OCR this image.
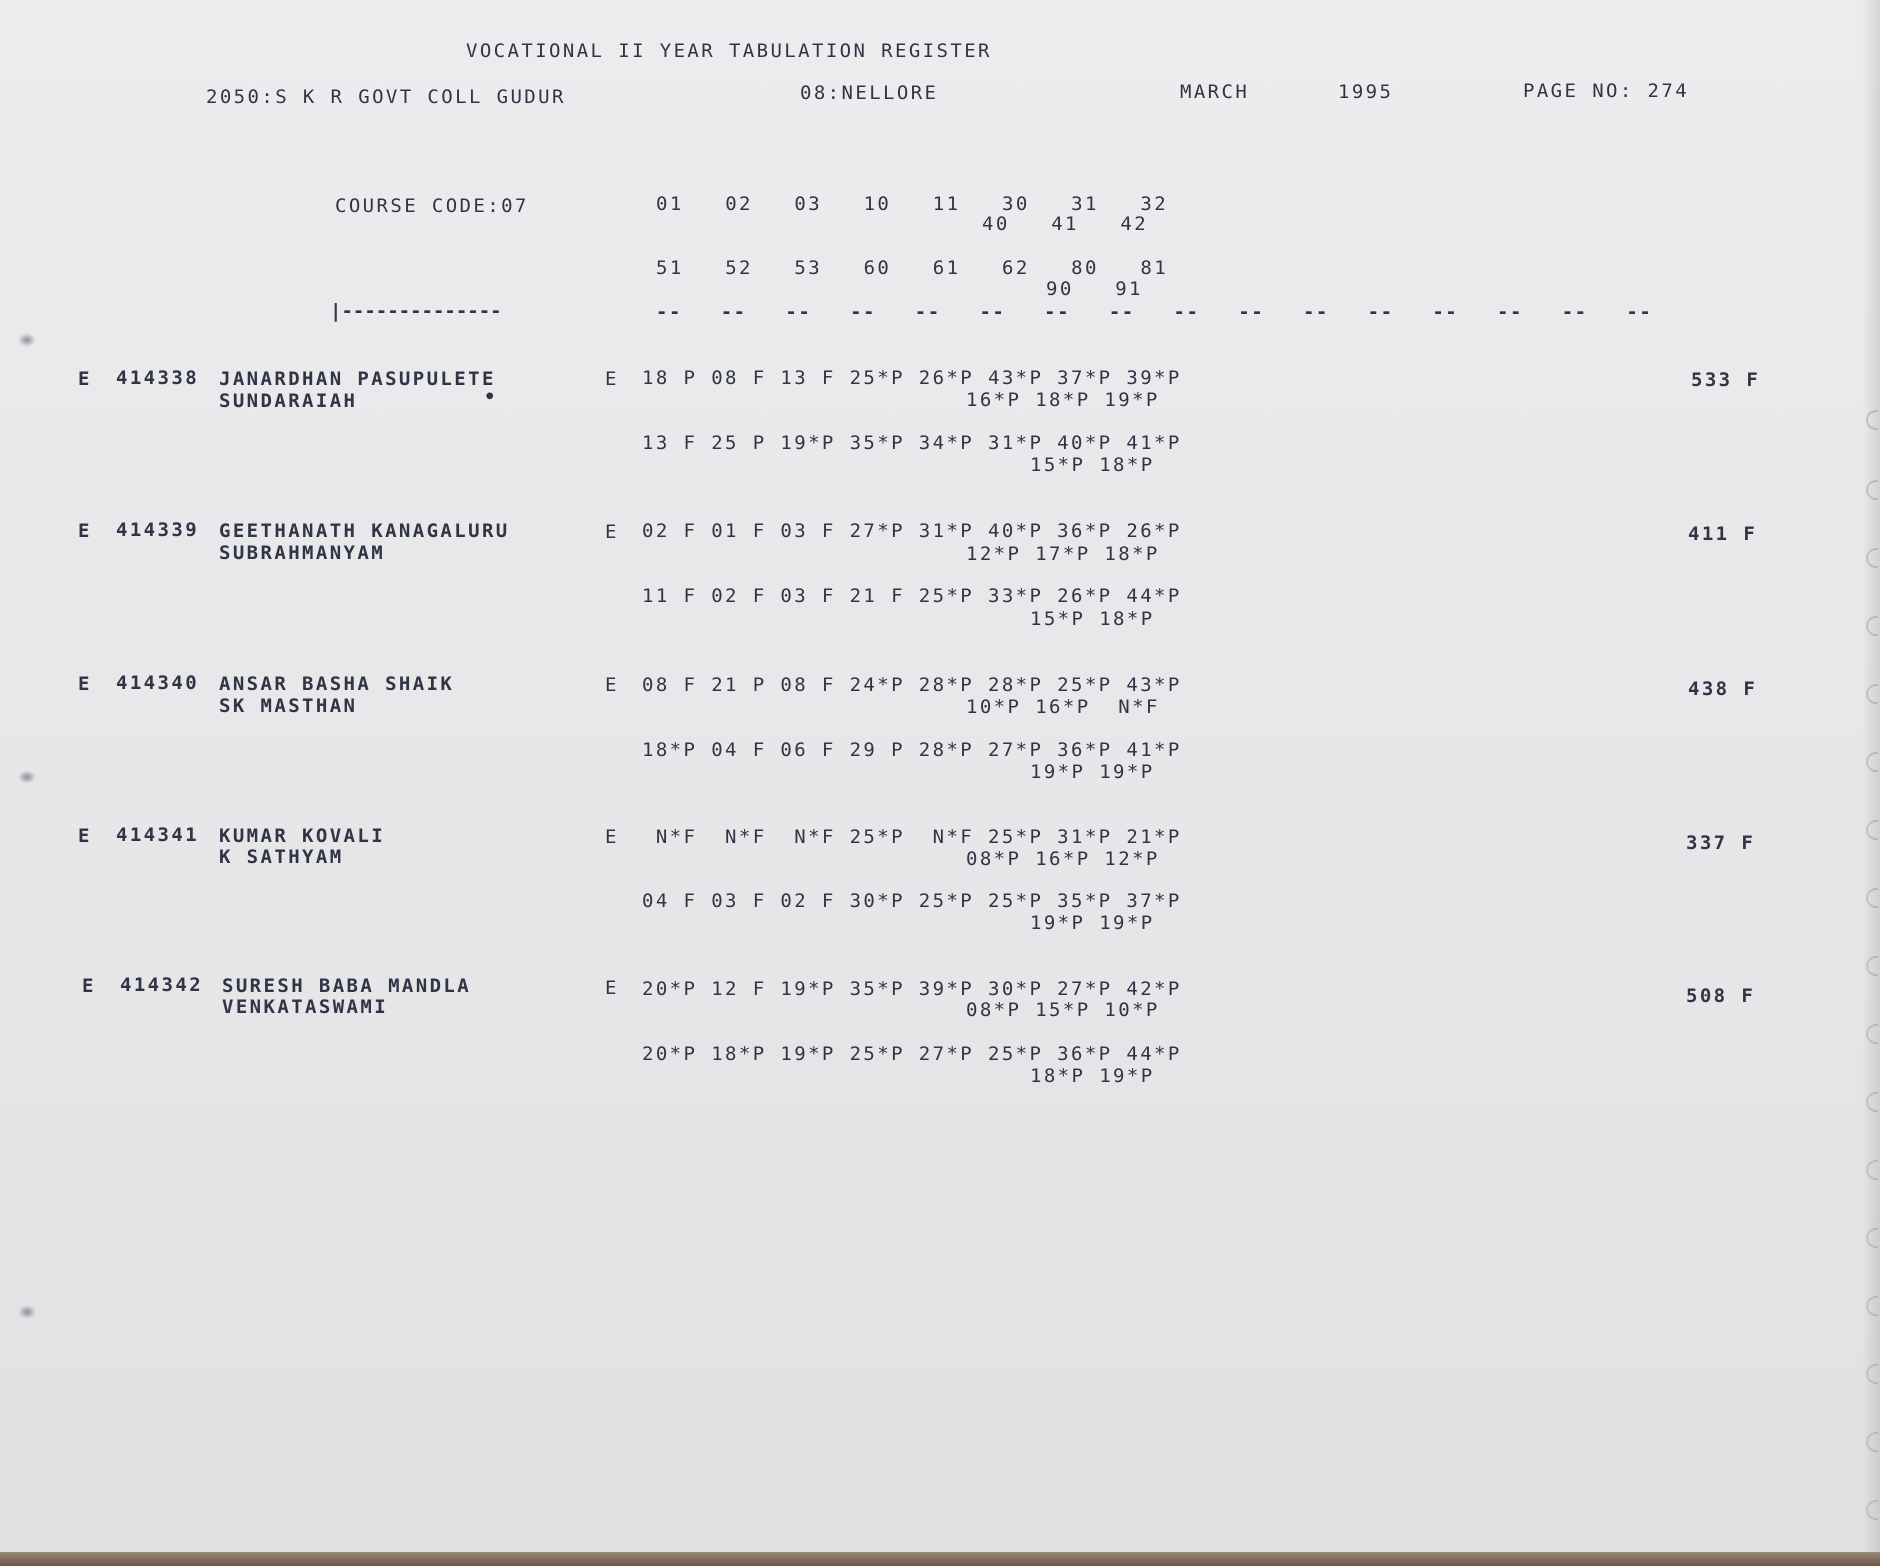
VOCATIONAL II YEAR TABULATION REGISTER
2050:S K R GOVT COLL GUDUR	08:NELLORE	MARCH	1995	PAGE NO: 274
COURSE CODE:07	01   02   03   10   11   30   31   32
40   41   42
51   52   53   60   61   62   80   81
90   91
|--------------	--   --   --   --   --   --   --   --   --   --   --   --   --   --   --   --
E 414338 JANARDHAN PASUPULETE
SUNDARAIAH	•
E 18 P 08 F 13 F 25*P 26*P 43*P 37*P 39*P
16*P 18*P 19*P
13 F 25 P 19*P 35*P 34*P 31*P 40*P 41*P
15*P 18*P
533 F
E 414339 GEETHANATH KANAGALURU
SUBRAHMANYAM
E 02 F 01 F 03 F 27*P 31*P 40*P 36*P 26*P
12*P 17*P 18*P
11 F 02 F 03 F 21 F 25*P 33*P 26*P 44*P
15*P 18*P
411 F
E 414340 ANSAR BASHA SHAIK
SK MASTHAN
E 08 F 21 P 08 F 24*P 28*P 28*P 25*P 43*P
10*P 16*P  N*F
18*P 04 F 06 F 29 P 28*P 27*P 36*P 41*P
19*P 19*P
438 F
E 414341 KUMAR KOVALI
K SATHYAM
E N*F  N*F  N*F 25*P  N*F 25*P 31*P 21*P
08*P 16*P 12*P
04 F 03 F 02 F 30*P 25*P 25*P 35*P 37*P
19*P 19*P
337 F
E 414342 SURESH BABA MANDLA
VENKATASWAMI
E 20*P 12 F 19*P 35*P 39*P 30*P 27*P 42*P
08*P 15*P 10*P
20*P 18*P 19*P 25*P 27*P 25*P 36*P 44*P
18*P 19*P
508 F
